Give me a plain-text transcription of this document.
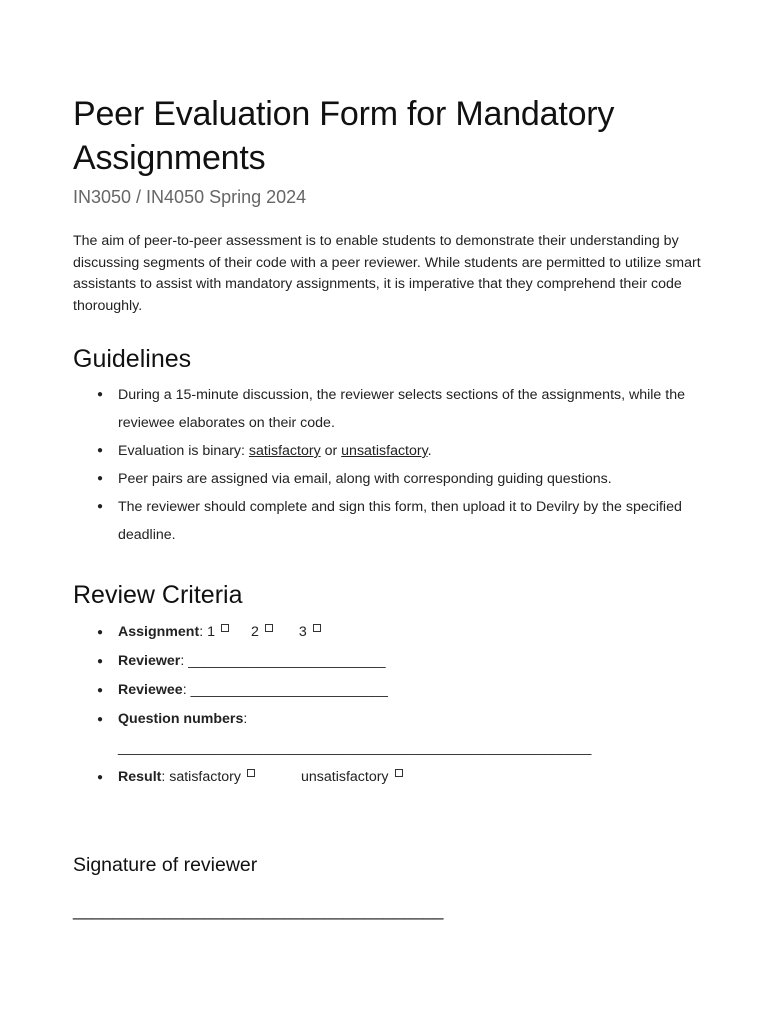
Peer Evaluation Form for Mandatory Assignments
IN3050 / IN4050 Spring 2024

The aim of peer-to-peer assessment is to enable students to demonstrate their understanding by discussing segments of their code with a peer reviewer. While students are permitted to utilize smart assistants to assist with mandatory assignments, it is imperative that they comprehend their code thoroughly.

Guidelines
● During a 15-minute discussion, the reviewer selects sections of the assignments, while the reviewee elaborates on their code.
● Evaluation is binary: satisfactory or unsatisfactory.
● Peer pairs are assigned via email, along with corresponding guiding questions.
● The reviewer should complete and sign this form, then upload it to Devilry by the specified deadline.
Review Criteria
● Assignment: 1	2	3
● Reviewer: _________________________
● Reviewee: _________________________
● Question numbers: ____________________________________________________________
● Result: satisfactory	unsatisfactory
Signature of reviewer
_____________________________________
